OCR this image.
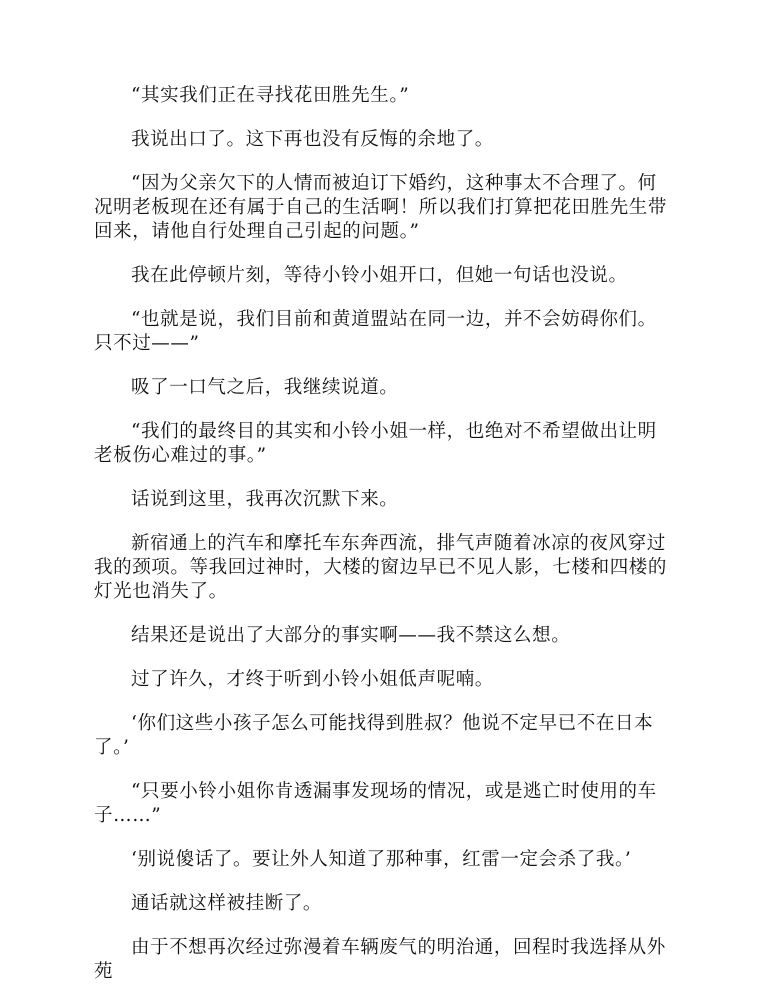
“其实我们正在寻找花田胜先生。”

我说出口了。这下再也没有反悔的余地了。

“因为父亲欠下的人情而被迫订下婚约，这种事太不合理了。何况明老板现在还有属于自己的生活啊！所以我们打算把花田胜先生带回来，请他自行处理自己引起的问题。”

我在此停顿片刻，等待小铃小姐开口，但她一句话也没说。

“也就是说，我们目前和黄道盟站在同一边，并不会妨碍你们。只不过——”

吸了一口气之后，我继续说道。

“我们的最终目的其实和小铃小姐一样，也绝对不希望做出让明老板伤心难过的事。”

话说到这里，我再次沉默下来。

新宿通上的汽车和摩托车东奔西流，排气声随着冰凉的夜风穿过我的颈项。等我回过神时，大楼的窗边早已不见人影，七楼和四楼的灯光也消失了。

结果还是说出了大部分的事实啊——我不禁这么想。

过了许久，才终于听到小铃小姐低声呢喃。

‘你们这些小孩子怎么可能找得到胜叔？他说不定早已不在日本了。’

“只要小铃小姐你肯透漏事发现场的情况，或是逃亡时使用的车子……”

‘别说傻话了。要让外人知道了那种事，红雷一定会杀了我。’

通话就这样被挂断了。

由于不想再次经过弥漫着车辆废气的明治通，回程时我选择从外苑
